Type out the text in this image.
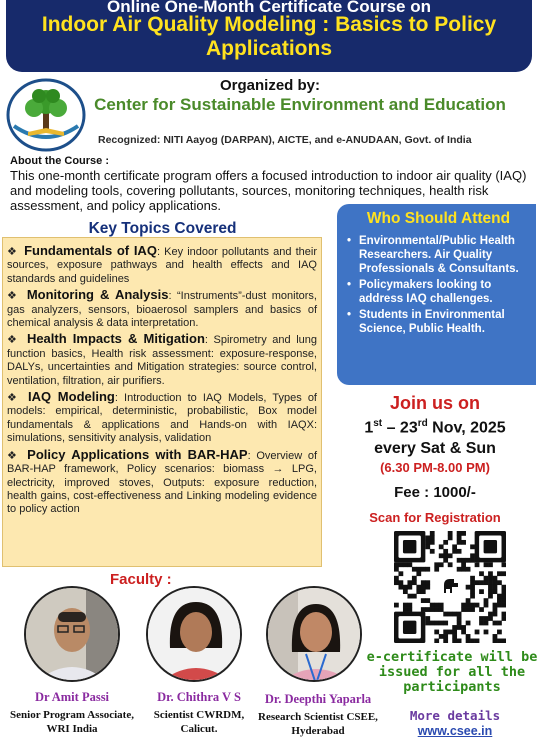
Online One-Month Certificate Course on
Indoor Air Quality Modeling : Basics to Policy
Applications
Organized by:
Center for Sustainable Environment and Education
Recognized: NITI Aayog (DARPAN), AICTE, and e-ANUDAAN, Govt. of India
About the Course :
This one-month certificate program offers a focused introduction to indoor air quality (IAQ) and modeling tools, covering pollutants, sources, monitoring techniques, health risk assessment, and policy applications.
Key Topics Covered
❖ Fundamentals of IAQ: Key indoor pollutants and their sources, exposure pathways and health effects and IAQ standards and guidelines
❖ Monitoring & Analysis: “Instruments”-dust monitors, gas analyzers, sensors, bioaerosol samplers and basics of chemical analysis & data interpretation.
❖ Health Impacts & Mitigation: Spirometry and lung function basics, Health risk assessment: exposure-response, DALYs, uncertainties and Mitigation strategies: source control, ventilation, filtration, air purifiers.
❖ IAQ Modeling: Introduction to IAQ Models, Types of models: empirical, deterministic, probabilistic, Box model fundamentals & applications and Hands-on with IAQX: simulations, sensitivity analysis, validation
❖ Policy Applications with BAR-HAP: Overview of BAR-HAP framework, Policy scenarios: biomass → LPG, electricity, improved stoves, Outputs: exposure reduction, health gains, cost-effectiveness and Linking modeling evidence to policy action
Who Should Attend
• Environmental/Public Health Researchers. Air Quality Professionals & Consultants.
• Policymakers looking to address IAQ challenges.
• Students in Environmental Science, Public Health.
Join us on
1st – 23rd Nov, 2025
every Sat & Sun
(6.30 PM-8.00 PM)
Fee : 1000/-
Scan for Registration
e-certificate will be issued for all the participants
More details
www.csee.in
Faculty :
Dr Amit Passi
Senior Program Associate, WRI India
Dr. Chithra V S
Scientist CWRDM, Calicut.
Dr. Deepthi Yaparla
Research Scientist CSEE, Hyderabad
